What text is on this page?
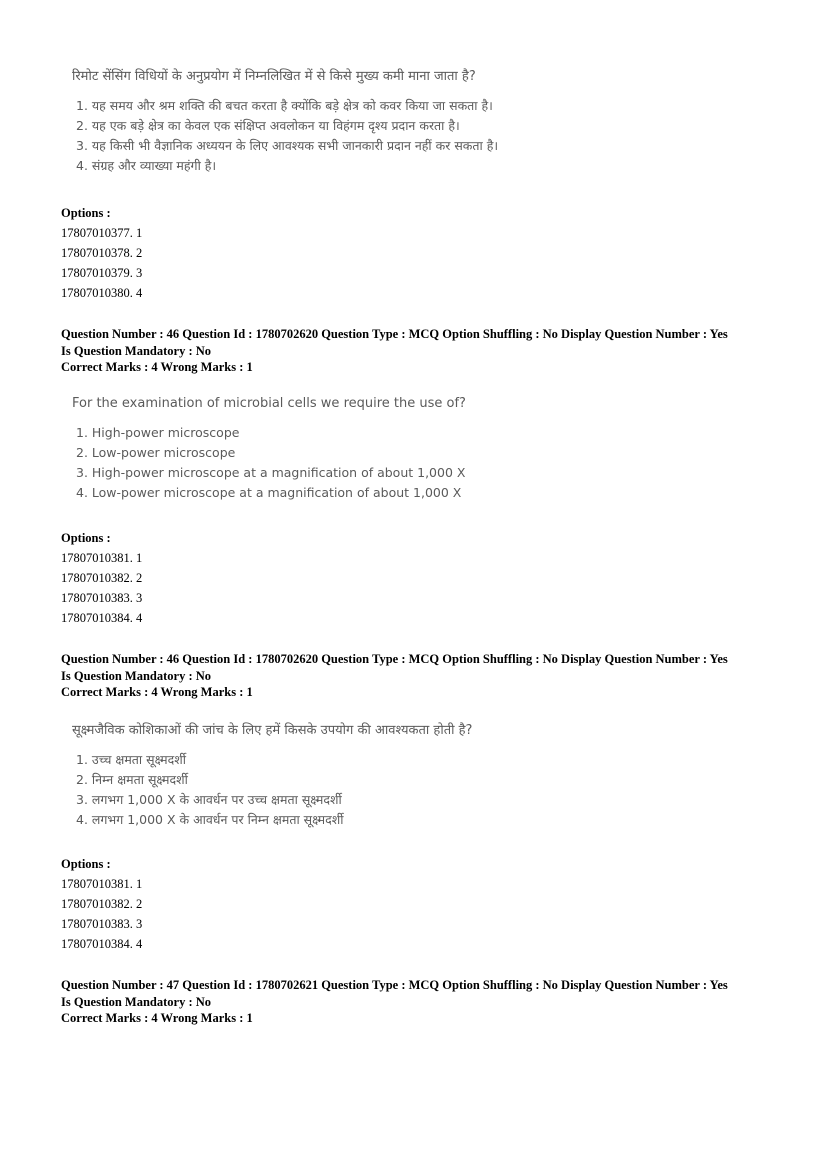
रिमोट सेंसिंग विधियों के अनुप्रयोग में निम्नलिखित में से किसे मुख्य कमी माना जाता है?
1. यह समय और श्रम शक्ति की बचत करता है क्योंकि बड़े क्षेत्र को कवर किया जा सकता है।
2. यह एक बड़े क्षेत्र का केवल एक संक्षिप्त अवलोकन या विहंगम दृश्य प्रदान करता है।
3. यह किसी भी वैज्ञानिक अध्ययन के लिए आवश्यक सभी जानकारी प्रदान नहीं कर सकता है।
4. संग्रह और व्याख्या महंगी है।
Options :
17807010377. 1
17807010378. 2
17807010379. 3
17807010380. 4
Question Number : 46 Question Id : 1780702620 Question Type : MCQ Option Shuffling : No Display Question Number : Yes
Is Question Mandatory : No
Correct Marks : 4 Wrong Marks : 1
For the examination of microbial cells we require the use of?
1. High-power microscope
2. Low-power microscope
3. High-power microscope at a magnification of about 1,000 X
4. Low-power microscope at a magnification of about 1,000 X
Options :
17807010381. 1
17807010382. 2
17807010383. 3
17807010384. 4
Question Number : 46 Question Id : 1780702620 Question Type : MCQ Option Shuffling : No Display Question Number : Yes
Is Question Mandatory : No
Correct Marks : 4 Wrong Marks : 1
सूक्ष्मजैविक कोशिकाओं की जांच के लिए हमें किसके उपयोग की आवश्यकता होती है?
1. उच्च क्षमता सूक्ष्मदर्शी
2. निम्न क्षमता सूक्ष्मदर्शी
3. लगभग 1,000 X के आवर्धन पर उच्च क्षमता सूक्ष्मदर्शी
4. लगभग 1,000 X के आवर्धन पर निम्न क्षमता सूक्ष्मदर्शी
Options :
17807010381. 1
17807010382. 2
17807010383. 3
17807010384. 4
Question Number : 47 Question Id : 1780702621 Question Type : MCQ Option Shuffling : No Display Question Number : Yes
Is Question Mandatory : No
Correct Marks : 4 Wrong Marks : 1
